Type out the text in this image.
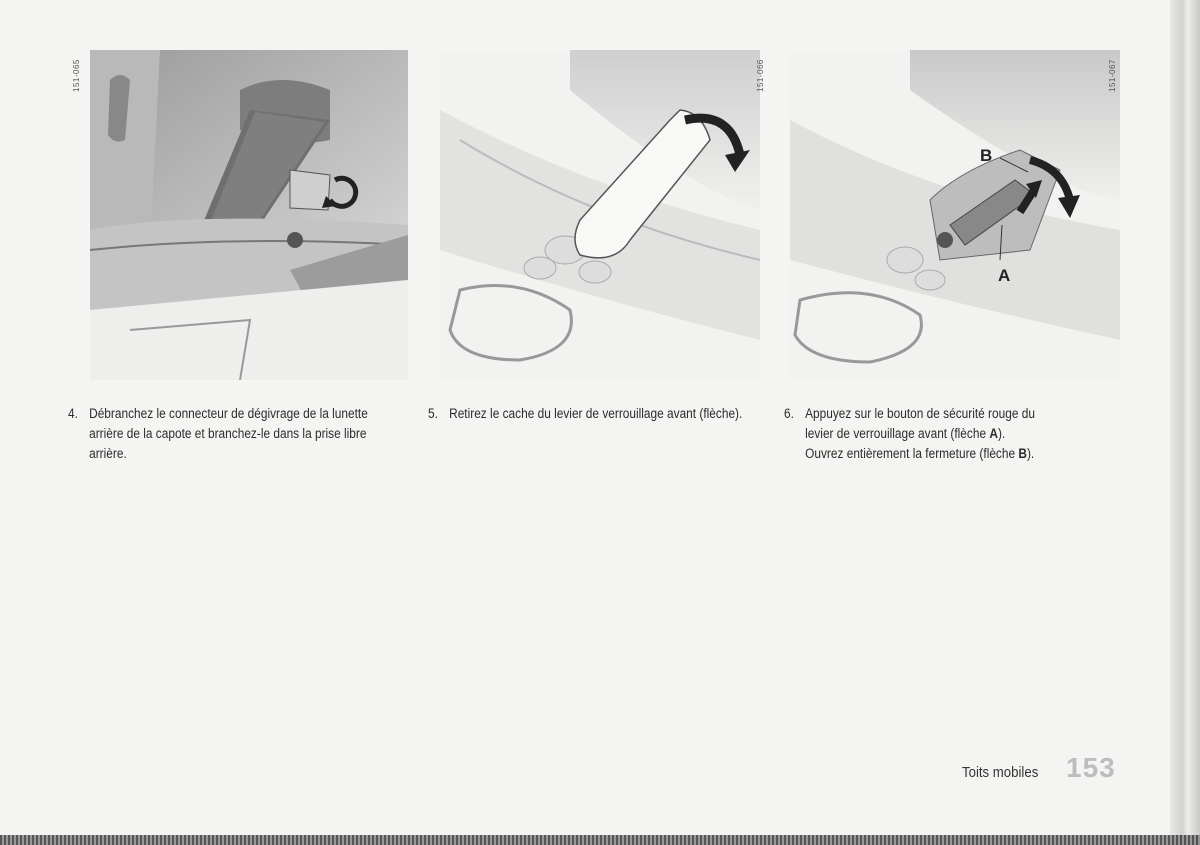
151-065	151-066
B
A
151-067
4. Débranchez le connecteur de dégivrage de la lunette arrière de la capote et branchez-le dans la prise libre arrière.

5. Retirez le cache du levier de verrouillage avant (flèche).	6. Appuyez sur le bouton de sécurité rouge du

levier de verrouillage avant (flèche A).

Ouvrez entièrement la fermeture (flèche B).

Toits mobiles 153
